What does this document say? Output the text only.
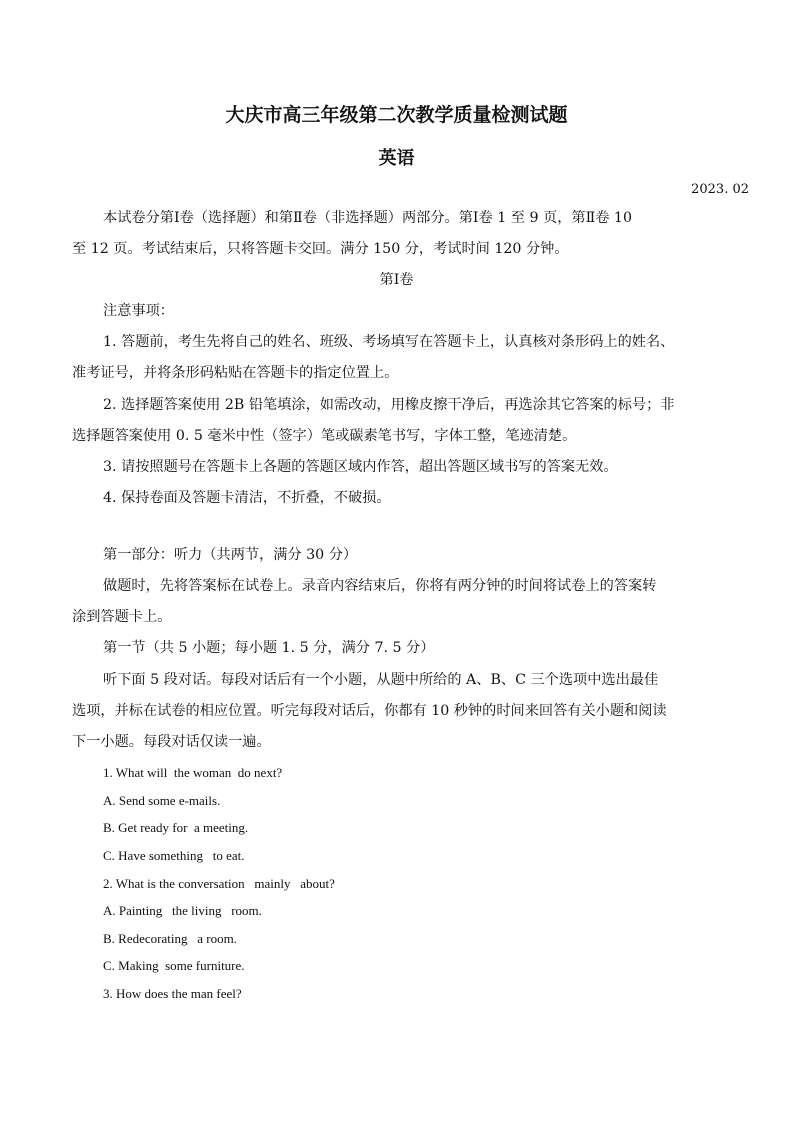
大庆市高三年级第二次教学质量检测试题
英语
2023. 02
本试卷分第Ⅰ卷（选择题）和第Ⅱ卷（非选择题）两部分。第Ⅰ卷 1 至 9 页，第Ⅱ卷 10
至 12 页。考试结束后，只将答题卡交回。满分 150 分，考试时间 120 分钟。
第Ⅰ卷
注意事项：
1. 答题前，考生先将自己的姓名、班级、考场填写在答题卡上，认真核对条形码上的姓名、
准考证号，并将条形码粘贴在答题卡的指定位置上。
2. 选择题答案使用 2B 铅笔填涂，如需改动，用橡皮擦干净后，再选涂其它答案的标号；非
选择题答案使用 0. 5 毫米中性（签字）笔或碳素笔书写，字体工整，笔迹清楚。
3. 请按照题号在答题卡上各题的答题区域内作答，超出答题区域书写的答案无效。
4. 保持卷面及答题卡清洁，不折叠，不破损。
第一部分：听力（共两节，满分 30 分）
做题时，先将答案标在试卷上。录音内容结束后，你将有两分钟的时间将试卷上的答案转
涂到答题卡上。
第一节（共 5 小题；每小题 1. 5 分，满分 7. 5 分）
听下面 5 段对话。每段对话后有一个小题，从题中所给的 A、B、C 三个选项中选出最佳
选项，并标在试卷的相应位置。听完每段对话后，你都有 10 秒钟的时间来回答有关小题和阅读
下一小题。每段对话仅读一遍。
1. What will  the woman  do next?
A. Send some e-mails.
B. Get ready for  a meeting.
C. Have something   to eat.
2. What is the conversation   mainly   about?
A. Painting   the living   room.
B. Redecorating   a room.
C. Making  some furniture.
3. How does the man feel?
